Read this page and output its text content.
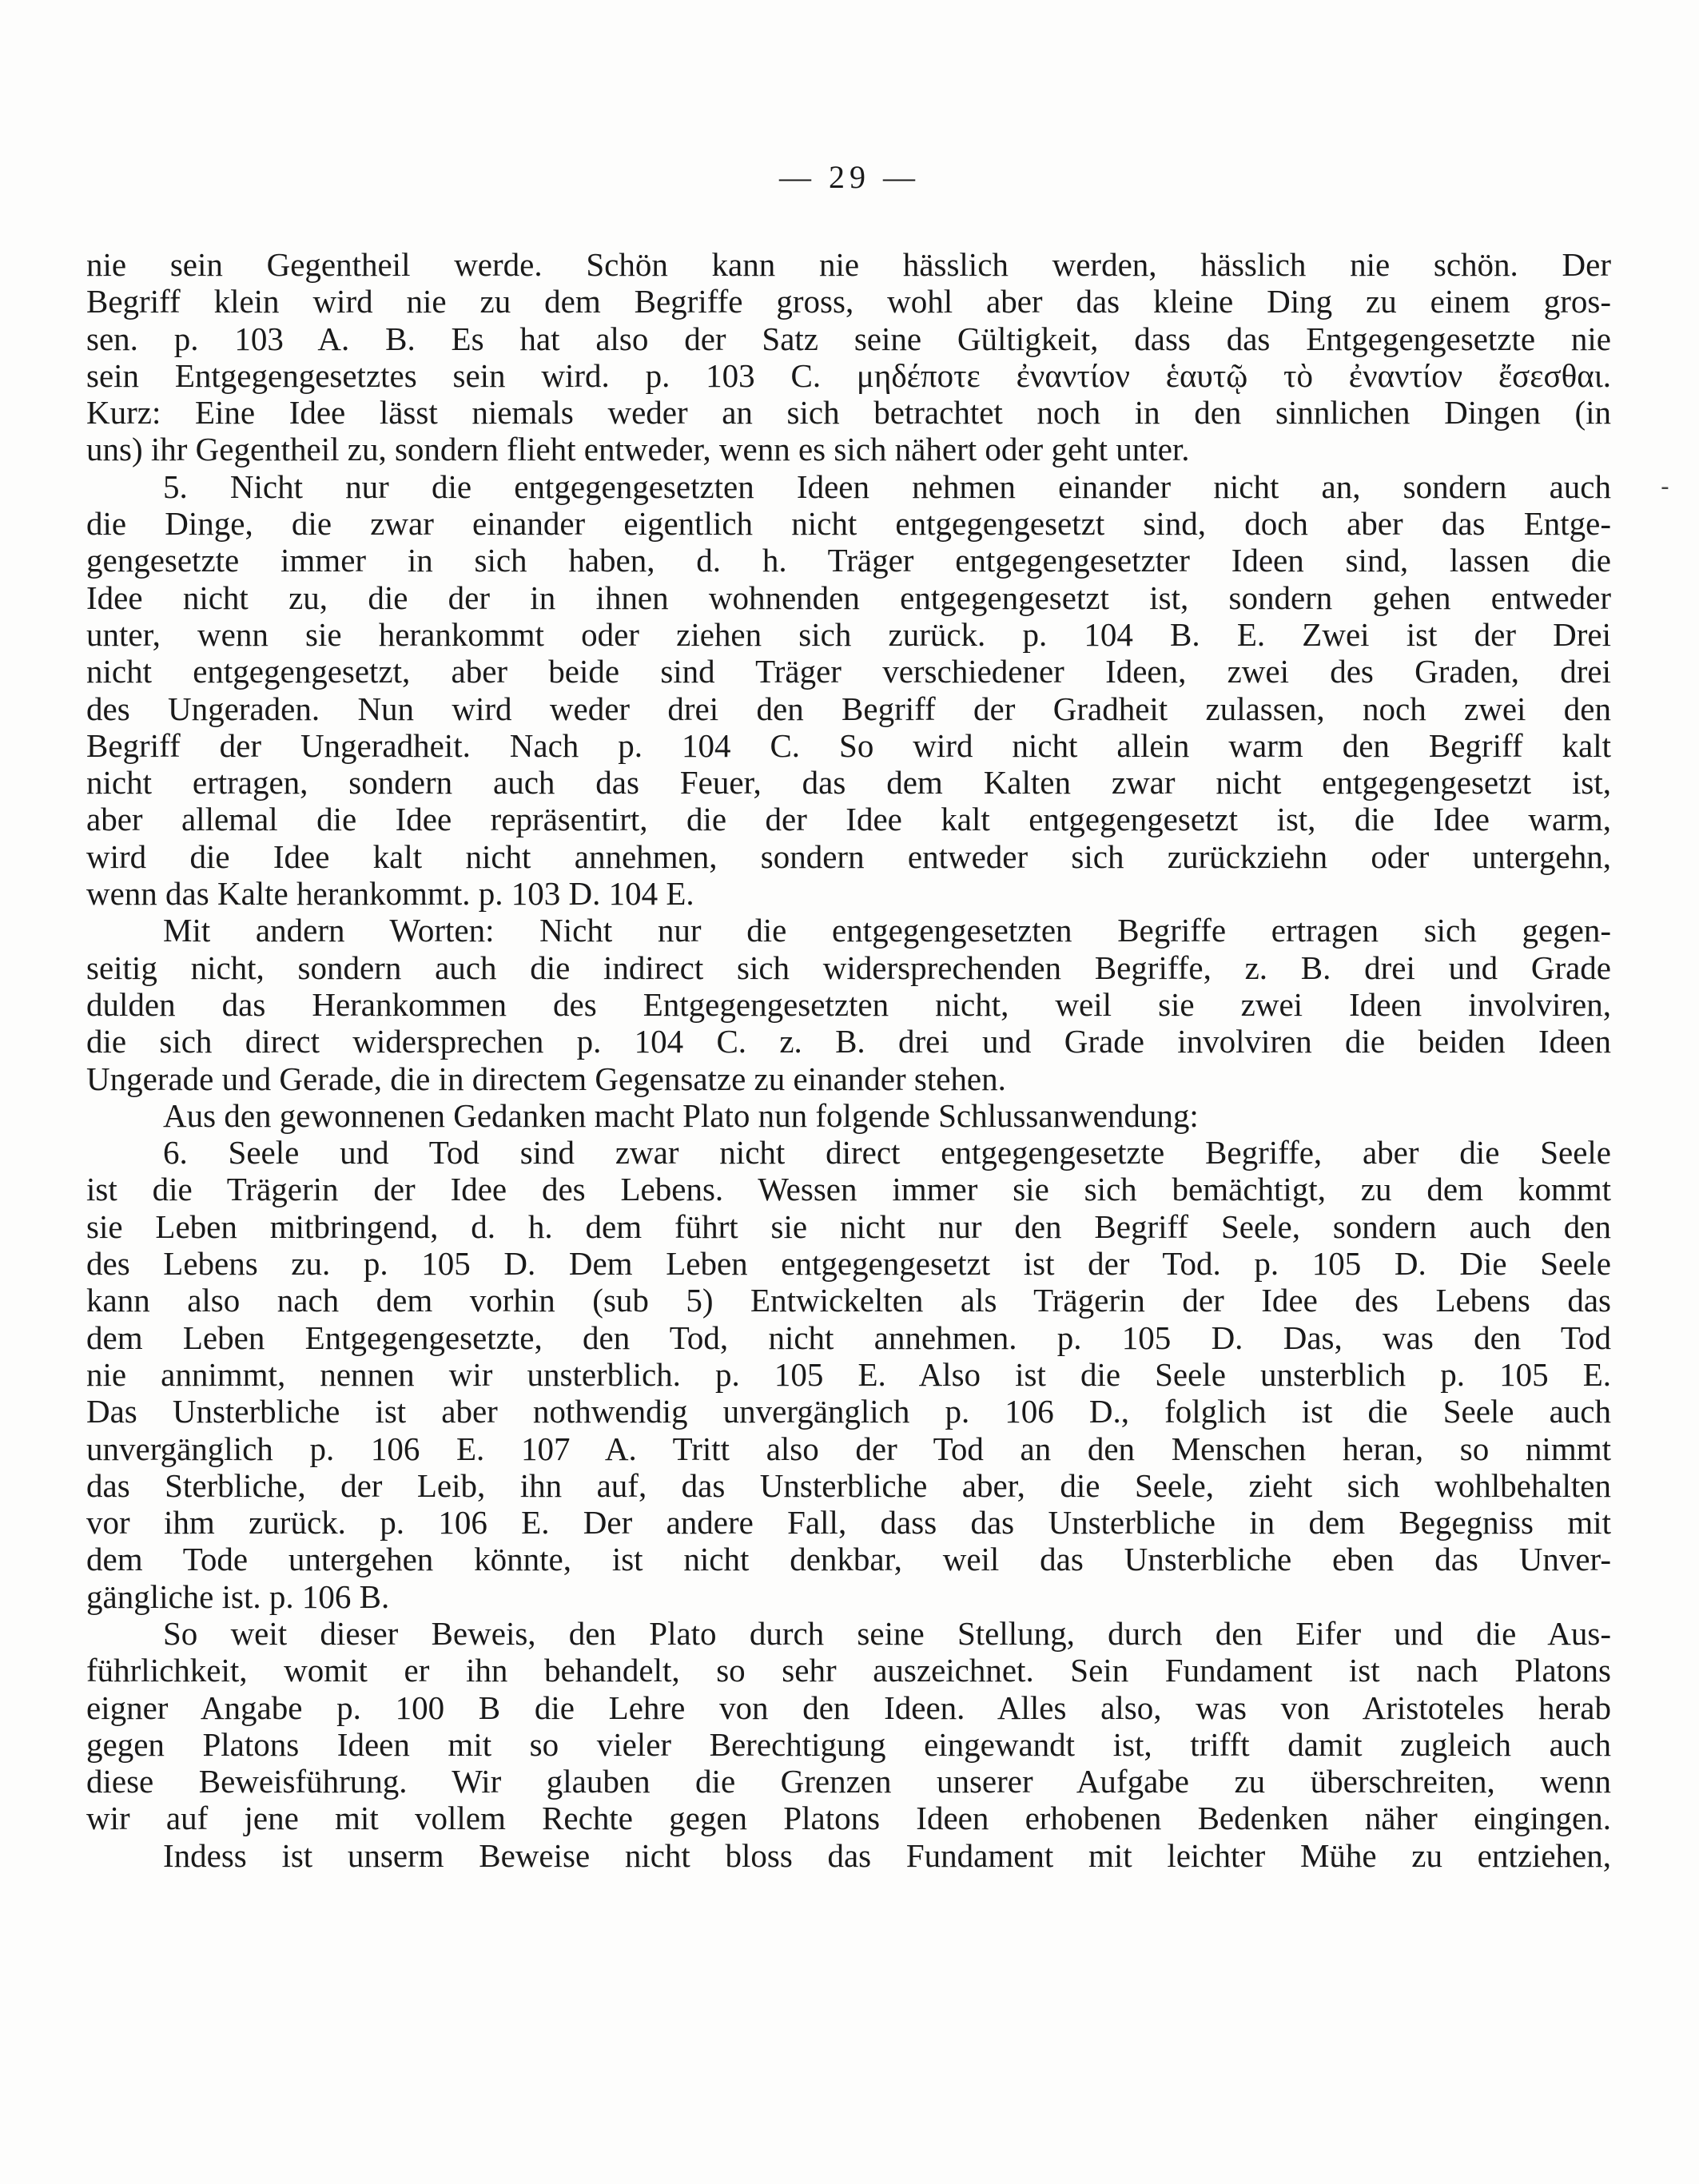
— 29 —
-
nie sein Gegentheil werde. Schön kann nie hässlich werden, hässlich nie schön. Der
Begriff klein wird nie zu dem Begriffe gross, wohl aber das kleine Ding zu einem gros-
sen. p. 103 A. B. Es hat also der Satz seine Gültigkeit, dass das Entgegengesetzte nie
sein Entgegengesetztes sein wird. p. 103 C. μηδέποτε ἐναντίον ἑαυτῷ τὸ ἐναντίον ἔσεσθαι.
Kurz: Eine Idee lässt niemals weder an sich betrachtet noch in den sinnlichen Dingen (in
uns) ihr Gegentheil zu, sondern flieht entweder, wenn es sich nähert oder geht unter.
5. Nicht nur die entgegengesetzten Ideen nehmen einander nicht an, sondern auch
die Dinge, die zwar einander eigentlich nicht entgegengesetzt sind, doch aber das Entge-
gengesetzte immer in sich haben, d. h. Träger entgegengesetzter Ideen sind, lassen die
Idee nicht zu, die der in ihnen wohnenden entgegengesetzt ist, sondern gehen entweder
unter, wenn sie herankommt oder ziehen sich zurück. p. 104 B. E. Zwei ist der Drei
nicht entgegengesetzt, aber beide sind Träger verschiedener Ideen, zwei des Graden, drei
des Ungeraden. Nun wird weder drei den Begriff der Gradheit zulassen, noch zwei den
Begriff der Ungeradheit. Nach p. 104 C. So wird nicht allein warm den Begriff kalt
nicht ertragen, sondern auch das Feuer, das dem Kalten zwar nicht entgegengesetzt ist,
aber allemal die Idee repräsentirt, die der Idee kalt entgegengesetzt ist, die Idee warm,
wird die Idee kalt nicht annehmen, sondern entweder sich zurückziehn oder untergehn,
wenn das Kalte herankommt. p. 103 D. 104 E.
Mit andern Worten: Nicht nur die entgegengesetzten Begriffe ertragen sich gegen-
seitig nicht, sondern auch die indirect sich widersprechenden Begriffe, z. B. drei und Grade
dulden das Herankommen des Entgegengesetzten nicht, weil sie zwei Ideen involviren,
die sich direct widersprechen p. 104 C. z. B. drei und Grade involviren die beiden Ideen
Ungerade und Gerade, die in directem Gegensatze zu einander stehen.
Aus den gewonnenen Gedanken macht Plato nun folgende Schlussanwendung:
6. Seele und Tod sind zwar nicht direct entgegengesetzte Begriffe, aber die Seele
ist die Trägerin der Idee des Lebens. Wessen immer sie sich bemächtigt, zu dem kommt
sie Leben mitbringend, d. h. dem führt sie nicht nur den Begriff Seele, sondern auch den
des Lebens zu. p. 105 D. Dem Leben entgegengesetzt ist der Tod. p. 105 D. Die Seele
kann also nach dem vorhin (sub 5) Entwickelten als Trägerin der Idee des Lebens das
dem Leben Entgegengesetzte, den Tod, nicht annehmen. p. 105 D. Das, was den Tod
nie annimmt, nennen wir unsterblich. p. 105 E. Also ist die Seele unsterblich p. 105 E.
Das Unsterbliche ist aber nothwendig unvergänglich p. 106 D., folglich ist die Seele auch
unvergänglich p. 106 E. 107 A. Tritt also der Tod an den Menschen heran, so nimmt
das Sterbliche, der Leib, ihn auf, das Unsterbliche aber, die Seele, zieht sich wohlbehalten
vor ihm zurück. p. 106 E. Der andere Fall, dass das Unsterbliche in dem Begegniss mit
dem Tode untergehen könnte, ist nicht denkbar, weil das Unsterbliche eben das Unver-
gängliche ist. p. 106 B.
So weit dieser Beweis, den Plato durch seine Stellung, durch den Eifer und die Aus-
führlichkeit, womit er ihn behandelt, so sehr auszeichnet. Sein Fundament ist nach Platons
eigner Angabe p. 100 B die Lehre von den Ideen. Alles also, was von Aristoteles herab
gegen Platons Ideen mit so vieler Berechtigung eingewandt ist, trifft damit zugleich auch
diese Beweisführung. Wir glauben die Grenzen unserer Aufgabe zu überschreiten, wenn
wir auf jene mit vollem Rechte gegen Platons Ideen erhobenen Bedenken näher eingingen.
Indess ist unserm Beweise nicht bloss das Fundament mit leichter Mühe zu entziehen,
